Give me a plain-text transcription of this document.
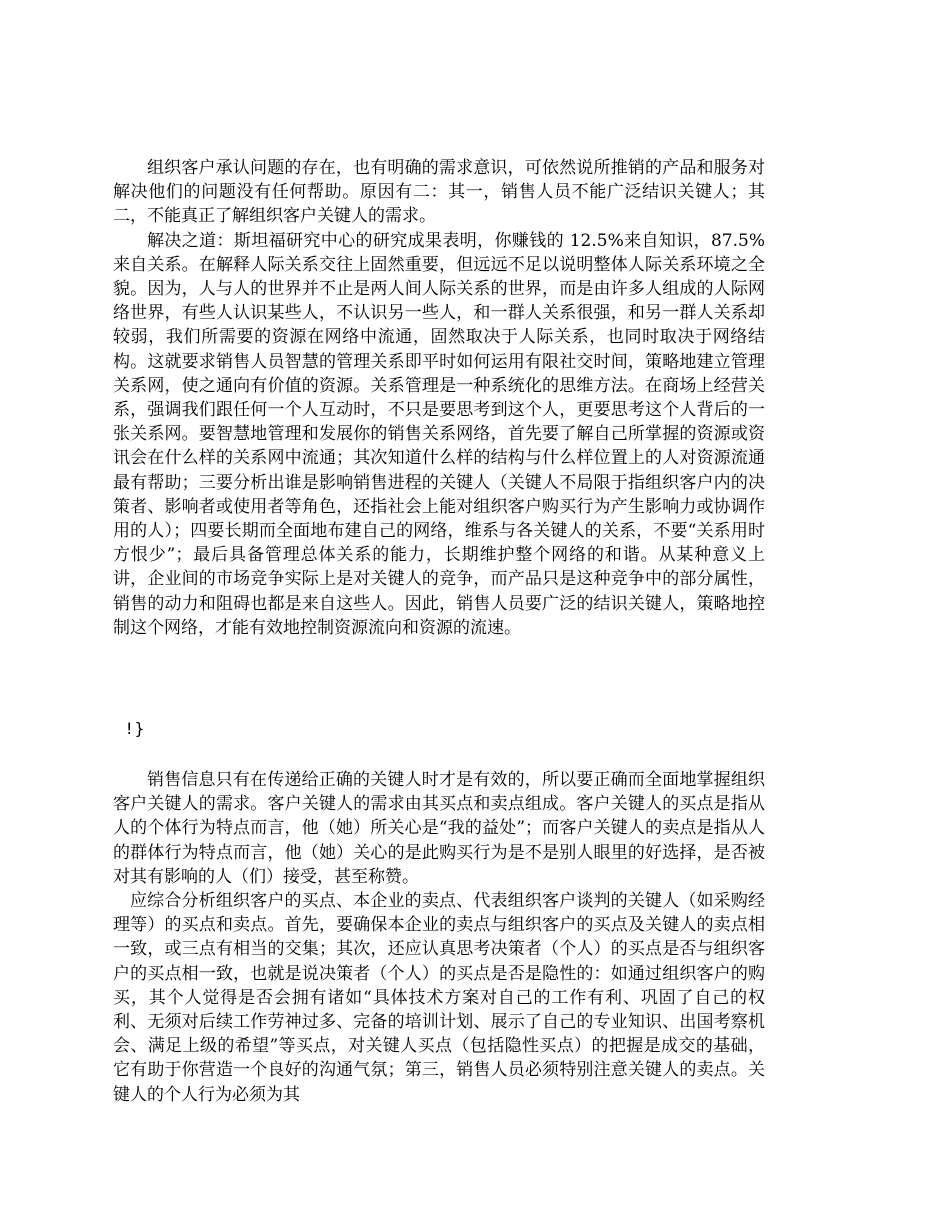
组织客户承认问题的存在，也有明确的需求意识，可依然说所推销的产品和服务对解决他们的问题没有任何帮助。原因有二：其一，销售人员不能广泛结识关键人；其二，不能真正了解组织客户关键人的需求。

解决之道：斯坦福研究中心的研究成果表明，你赚钱的 12.5%来自知识，87.5%来自关系。在解释人际关系交往上固然重要，但远远不足以说明整体人际关系环境之全貌。因为，人与人的世界并不止是两人间人际关系的世界，而是由许多人组成的人际网络世界，有些人认识某些人，不认识另一些人，和一群人关系很强，和另一群人关系却较弱，我们所需要的资源在网络中流通，固然取决于人际关系，也同时取决于网络结构。这就要求销售人员智慧的管理关系即平时如何运用有限社交时间，策略地建立管理关系网，使之通向有价值的资源。关系管理是一种系统化的思维方法。在商场上经营关系，强调我们跟任何一个人互动时，不只是要思考到这个人，更要思考这个人背后的一张关系网。要智慧地管理和发展你的销售关系网络，首先要了解自己所掌握的资源或资讯会在什么样的关系网中流通；其次知道什么样的结构与什么样位置上的人对资源流通最有帮助；三要分析出谁是影响销售进程的关键人（关键人不局限于指组织客户内的决策者、影响者或使用者等角色，还指社会上能对组织客户购买行为产生影响力或协调作用的人）；四要长期而全面地布建自己的网络，维系与各关键人的关系，不要“关系用时方恨少”；最后具备管理总体关系的能力，长期维护整个网络的和谐。从某种意义上讲，企业间的市场竞争实际上是对关键人的竞争，而产品只是这种竞争中的部分属性，销售的动力和阻碍也都是来自这些人。因此，销售人员要广泛的结识关键人，策略地控制这个网络，才能有效地控制资源流向和资源的流速。

!}

销售信息只有在传递给正确的关键人时才是有效的，所以要正确而全面地掌握组织客户关键人的需求。客户关键人的需求由其买点和卖点组成。客户关键人的买点是指从人的个体行为特点而言，他（她）所关心是“我的益处”；而客户关键人的卖点是指从人的群体行为特点而言，他（她）关心的是此购买行为是不是别人眼里的好选择，是否被对其有影响的人（们）接受，甚至称赞。

应综合分析组织客户的买点、本企业的卖点、代表组织客户谈判的关键人（如采购经理等）的买点和卖点。首先，要确保本企业的卖点与组织客户的买点及关键人的卖点相一致，或三点有相当的交集；其次，还应认真思考决策者（个人）的买点是否与组织客户的买点相一致，也就是说决策者（个人）的买点是否是隐性的：如通过组织客户的购买，其个人觉得是否会拥有诸如“具体技术方案对自己的工作有利、巩固了自己的权利、无须对后续工作劳神过多、完备的培训计划、展示了自己的专业知识、出国考察机会、满足上级的希望”等买点，对关键人买点（包括隐性买点）的把握是成交的基础，它有助于你营造一个良好的沟通气氛；第三，销售人员必须特别注意关键人的卖点。关键人的个人行为必须为其
